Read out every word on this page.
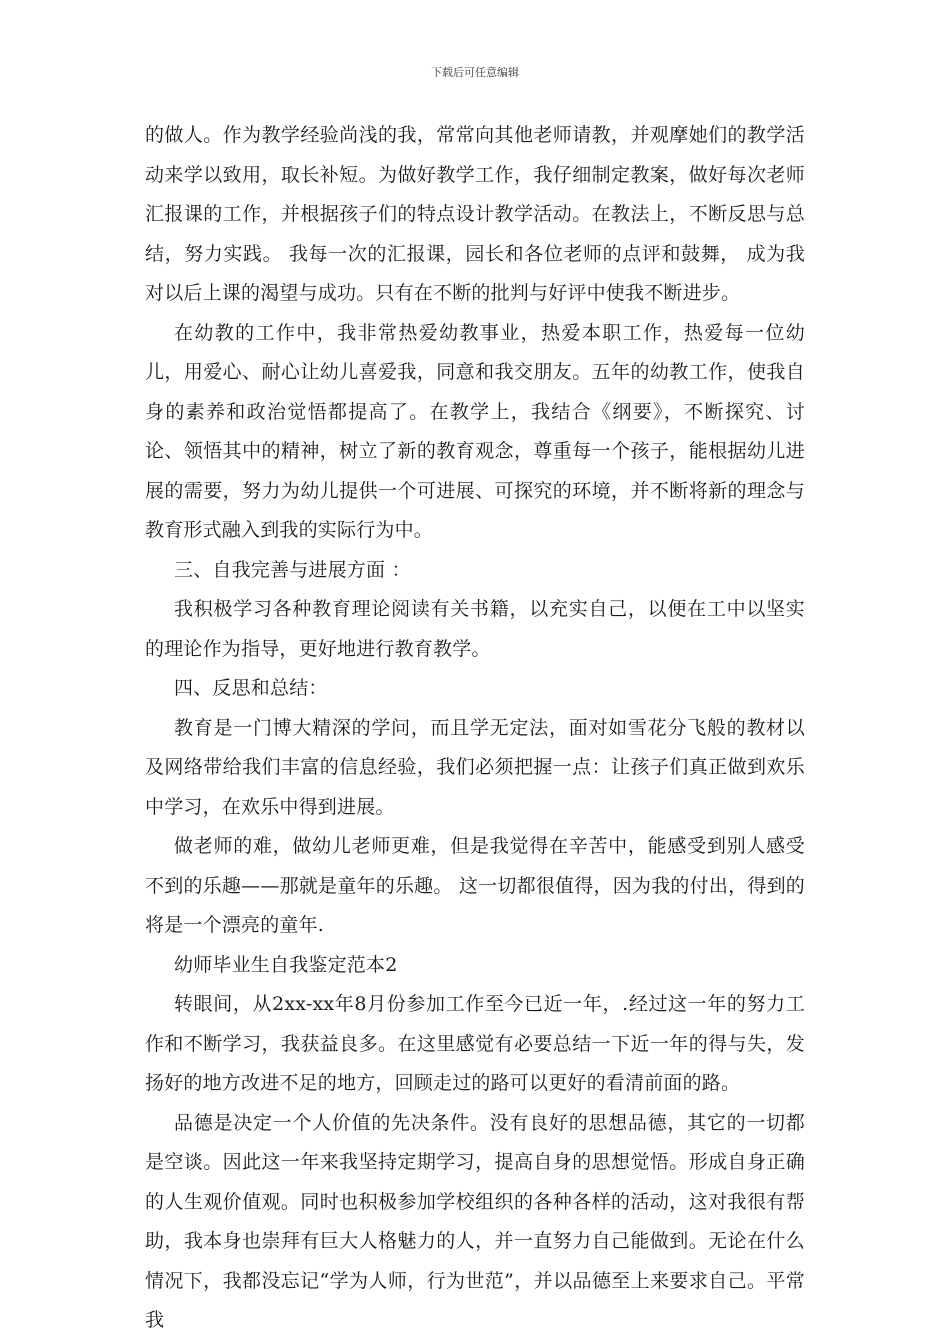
下载后可任意编辑

的做人。作为教学经验尚浅的我，常常向其他老师请教，并观摩她们的教学活动来学以致用，取长补短。为做好教学工作，我仔细制定教案，做好每次老师汇报课的工作，并根据孩子们的特点设计教学活动。在教法上，不断反思与总结，努力实践。 我每一次的汇报课，园长和各位老师的点评和鼓舞， 成为我对以后上课的渴望与成功。只有在不断的批判与好评中使我不断进步。

在幼教的工作中，我非常热爱幼教事业，热爱本职工作，热爱每一位幼儿，用爱心、耐心让幼儿喜爱我，同意和我交朋友。五年的幼教工作，使我自身的素养和政治觉悟都提高了。在教学上，我结合《纲要》，不断探究、讨论、领悟其中的精神，树立了新的教育观念，尊重每一个孩子，能根据幼儿进展的需要，努力为幼儿提供一个可进展、可探究的环境，并不断将新的理念与教育形式融入到我的实际行为中。

三、自我完善与进展方面 ：

我积极学习各种教育理论阅读有关书籍，以充实自己，以便在工中以坚实的理论作为指导，更好地进行教育教学。

四、反思和总结：

教育是一门博大精深的学问，而且学无定法，面对如雪花分飞般的教材以及网络带给我们丰富的信息经验，我们必须把握一点：让孩子们真正做到欢乐中学习，在欢乐中得到进展。

做老师的难，做幼儿老师更难，但是我觉得在辛苦中，能感受到别人感受不到的乐趣——那就是童年的乐趣。 这一切都很值得，因为我的付出，得到的将是一个漂亮的童年.

幼师毕业生自我鉴定范本2

转眼间，从2xx-xx年8月份参加工作至今已近一年，.经过这一年的努力工作和不断学习，我获益良多。在这里感觉有必要总结一下近一年的得与失，发扬好的地方改进不足的地方，回顾走过的路可以更好的看清前面的路。

品德是决定一个人价值的先决条件。没有良好的思想品德，其它的一切都是空谈。因此这一年来我坚持定期学习，提高自身的思想觉悟。形成自身正确的人生观价值观。同时也积极参加学校组织的各种各样的活动，这对我很有帮助，我本身也崇拜有巨大人格魅力的人，并一直努力自己能做到。无论在什么情况下，我都没忘记“学为人师，行为世范”，并以品德至上来要求自己。平常我
